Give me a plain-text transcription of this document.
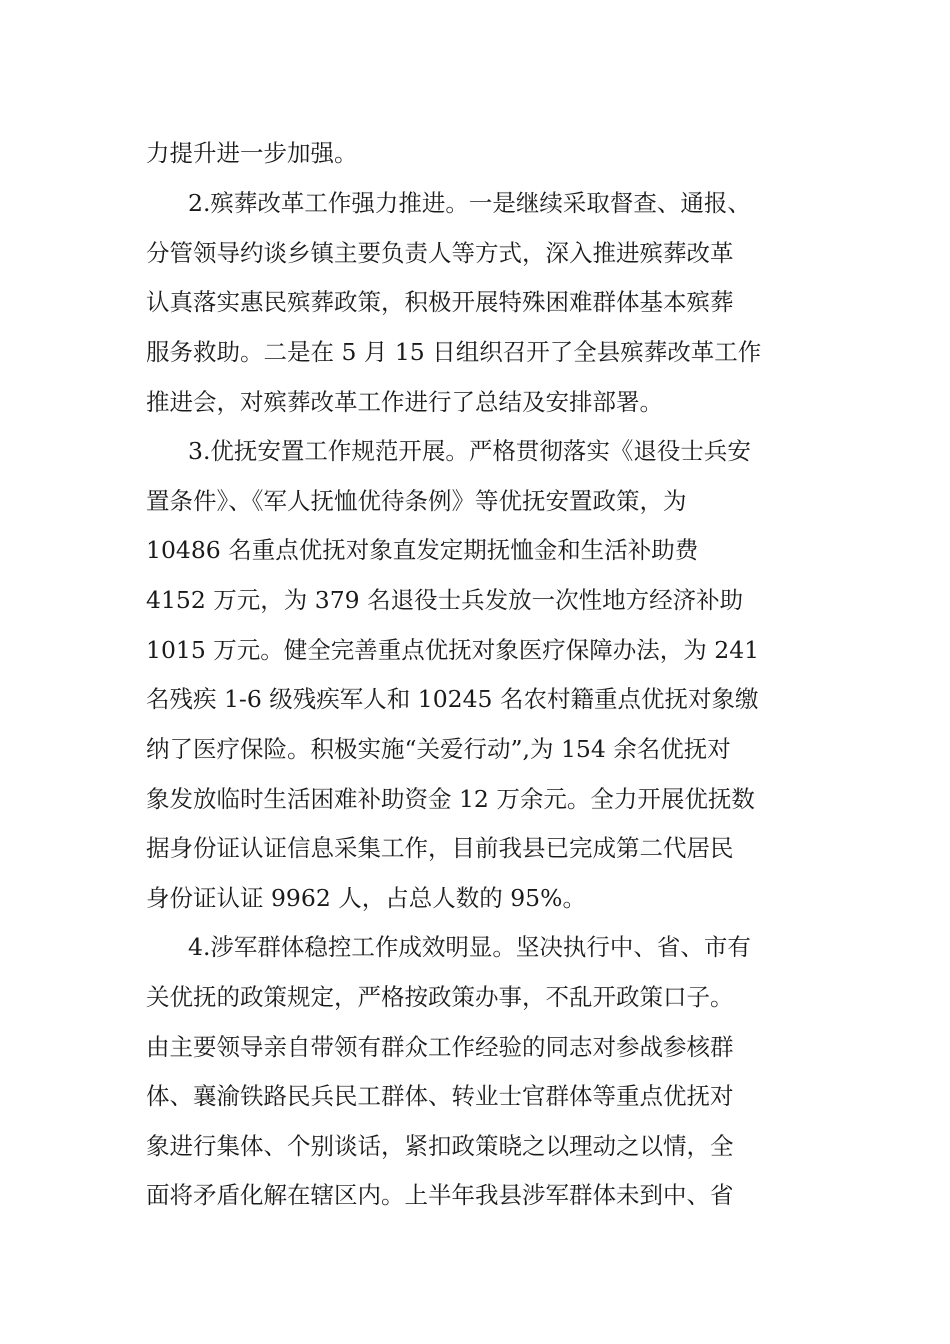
力提升进一步加强。
2.殡葬改革工作强力推进。一是继续采取督查、通报、
分管领导约谈乡镇主要负责人等方式，深入推进殡葬改革
认真落实惠民殡葬政策，积极开展特殊困难群体基本殡葬
服务救助。二是在 5 月 15 日组织召开了全县殡葬改革工作
推进会，对殡葬改革工作进行了总结及安排部署。
3.优抚安置工作规范开展。严格贯彻落实《退役士兵安
置条件》、《军人抚恤优待条例》等优抚安置政策，为
10486 名重点优抚对象直发定期抚恤金和生活补助费
4152 万元，为 379 名退役士兵发放一次性地方经济补助
1015 万元。健全完善重点优抚对象医疗保障办法，为 241
名残疾 1-6 级残疾军人和 10245 名农村籍重点优抚对象缴
纳了医疗保险。积极实施“关爱行动”,为 154 余名优抚对
象发放临时生活困难补助资金 12 万余元。全力开展优抚数
据身份证认证信息采集工作，目前我县已完成第二代居民
身份证认证 9962 人，占总人数的 95%。
4.涉军群体稳控工作成效明显。坚决执行中、省、市有
关优抚的政策规定，严格按政策办事，不乱开政策口子。
由主要领导亲自带领有群众工作经验的同志对参战参核群
体、襄渝铁路民兵民工群体、转业士官群体等重点优抚对
象进行集体、个别谈话，紧扣政策晓之以理动之以情，全
面将矛盾化解在辖区内。上半年我县涉军群体未到中、省
